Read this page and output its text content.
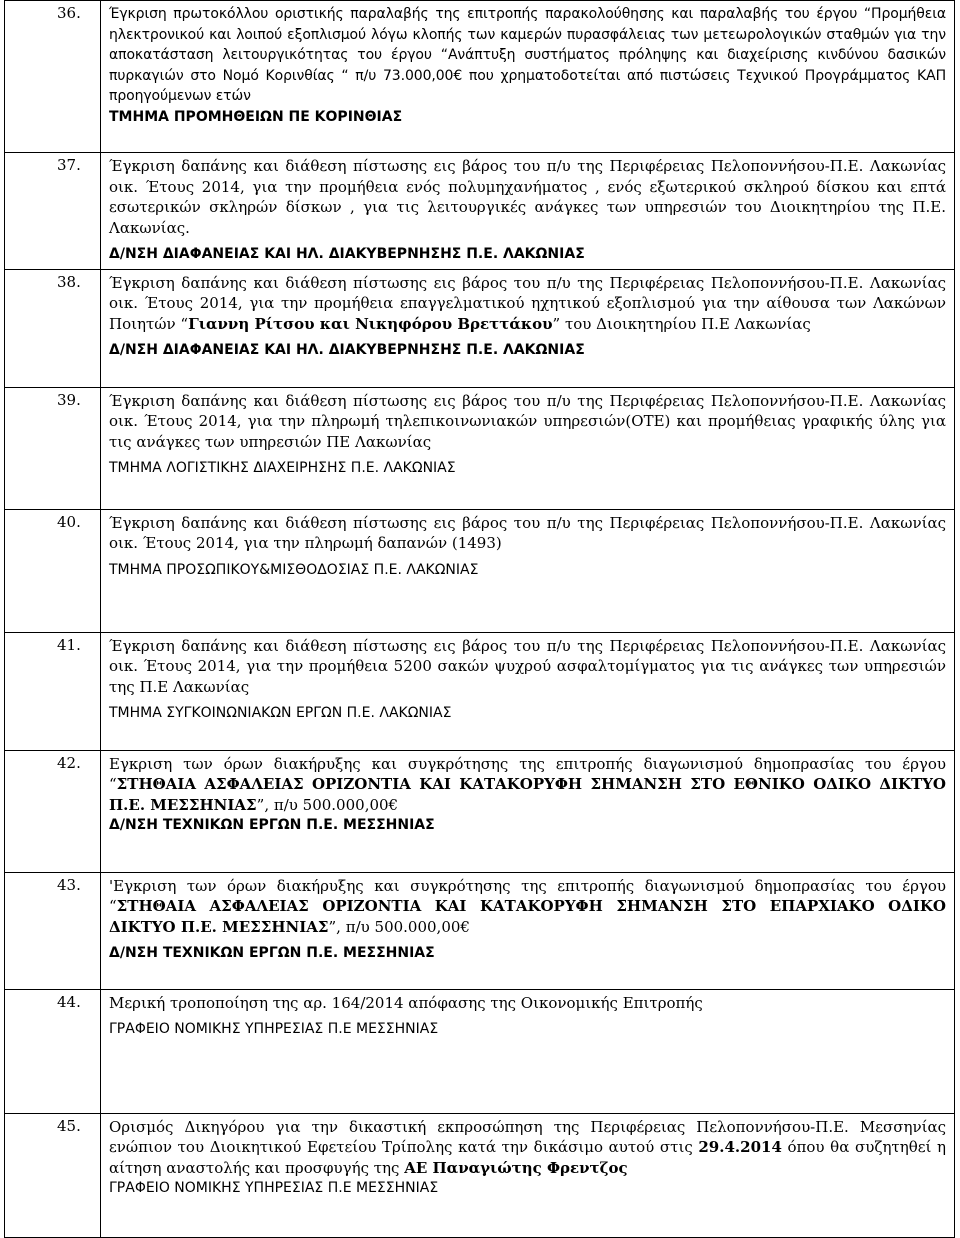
36.	Έγκριση πρωτοκόλλου οριστικής παραλαβής της επιτροπής παρακολούθησης και παραλαβής του έργου “Προμήθεια ηλεκτρονικού και λοιπού εξοπλισμού λόγω κλοπής των καμερών πυρασφάλειας των μετεωρολογικών σταθμών για την αποκατάσταση λειτουργικότητας του έργου “Ανάπτυξη συστήματος πρόληψης και διαχείρισης κινδύνου δασικών πυρκαγιών στο Νομό Κορινθίας “ π/υ 73.000,00€ που χρηματοδοτείται από πιστώσεις Τεχνικού Προγράμματος ΚΑΠ προηγούμενων ετών
ΤΜΗΜΑ ΠΡΟΜΗΘΕΙΩΝ ΠΕ ΚΟΡΙΝΘΙΑΣ

37.	Έγκριση δαπάνης και διάθεση πίστωσης εις βάρος του π/υ της Περιφέρειας Πελοποννήσου-Π.Ε. Λακωνίας οικ. Έτους 2014, για την προμήθεια ενός πολυμηχανήματος , ενός εξωτερικού σκληρού δίσκου και επτά εσωτερικών σκληρών δίσκων , για τις λειτουργικές ανάγκες των υπηρεσιών του Διοικητηρίου της Π.Ε. Λακωνίας.
Δ/ΝΣΗ ΔΙΑΦΑΝΕΙΑΣ ΚΑΙ ΗΛ. ΔΙΑΚΥΒΕΡΝΗΣΗΣ Π.Ε. ΛΑΚΩΝΙΑΣ

38.	Έγκριση δαπάνης και διάθεση πίστωσης εις βάρος του π/υ της Περιφέρειας Πελοποννήσου-Π.Ε. Λακωνίας οικ. Έτους 2014, για την προμήθεια επαγγελματικού ηχητικού εξοπλισμού για την αίθουσα των Λακώνων Ποιητών “Γιαννη Ρίτσου και Νικηφόρου Βρεττάκου” του Διοικητηρίου Π.Ε Λακωνίας
Δ/ΝΣΗ ΔΙΑΦΑΝΕΙΑΣ ΚΑΙ ΗΛ. ΔΙΑΚΥΒΕΡΝΗΣΗΣ Π.Ε. ΛΑΚΩΝΙΑΣ

39.	Έγκριση δαπάνης και διάθεση πίστωσης εις βάρος του π/υ της Περιφέρειας Πελοποννήσου-Π.Ε. Λακωνίας οικ. Έτους 2014, για την πληρωμή τηλεπικοινωνιακών υπηρεσιών(ΟΤΕ) και προμήθειας γραφικής ύλης για τις ανάγκες των υπηρεσιών ΠΕ Λακωνίας
ΤΜΗΜΑ ΛΟΓΙΣΤΙΚΗΣ ΔΙΑΧΕΙΡΗΣΗΣ Π.Ε. ΛΑΚΩΝΙΑΣ

40.	Έγκριση δαπάνης και διάθεση πίστωσης εις βάρος του π/υ της Περιφέρειας Πελοποννήσου-Π.Ε. Λακωνίας οικ. Έτους 2014, για την πληρωμή δαπανών (1493)
ΤΜΗΜΑ ΠΡΟΣΩΠΙΚΟΥ&ΜΙΣΘΟΔΟΣΙΑΣ Π.Ε. ΛΑΚΩΝΙΑΣ

41.	Έγκριση δαπάνης και διάθεση πίστωσης εις βάρος του π/υ της Περιφέρειας Πελοποννήσου-Π.Ε. Λακωνίας οικ. Έτους 2014, για την προμήθεια 5200 σακών ψυχρού ασφαλτομίγματος για τις ανάγκες των υπηρεσιών της Π.Ε Λακωνίας
ΤΜΗΜΑ ΣΥΓΚΟΙΝΩΝΙΑΚΩΝ ΕΡΓΩΝ Π.Ε. ΛΑΚΩΝΙΑΣ

42.	Εγκριση των όρων διακήρυξης και συγκρότησης της επιτροπής διαγωνισμού δημοπρασίας του έργου “ΣΤΗΘΑΙΑ ΑΣΦΑΛΕΙΑΣ ΟΡΙΖΟΝΤΙΑ ΚΑΙ ΚΑΤΑΚΟΡΥΦΗ ΣΗΜΑΝΣΗ ΣΤΟ ΕΘΝΙΚΟ ΟΔΙΚΟ ΔΙΚΤΥΟ Π.Ε. ΜΕΣΣΗΝΙΑΣ”, π/υ 500.000,00€
Δ/ΝΣΗ ΤΕΧΝΙΚΩΝ ΕΡΓΩΝ Π.Ε. ΜΕΣΣΗΝΙΑΣ

43.	'Εγκριση των όρων διακήρυξης και συγκρότησης της επιτροπής διαγωνισμού δημοπρασίας του έργου “ΣΤΗΘΑΙΑ ΑΣΦΑΛΕΙΑΣ ΟΡΙΖΟΝΤΙΑ ΚΑΙ ΚΑΤΑΚΟΡΥΦΗ ΣΗΜΑΝΣΗ ΣΤΟ ΕΠΑΡΧΙΑΚΟ ΟΔΙΚΟ ΔΙΚΤΥΟ Π.Ε. ΜΕΣΣΗΝΙΑΣ”, π/υ 500.000,00€
Δ/ΝΣΗ ΤΕΧΝΙΚΩΝ ΕΡΓΩΝ Π.Ε. ΜΕΣΣΗΝΙΑΣ

44.	Μερική τροποποίηση της αρ. 164/2014 απόφασης της Οικονομικής Επιτροπής
ΓΡΑΦΕΙΟ ΝΟΜΙΚΗΣ ΥΠΗΡΕΣΙΑΣ Π.Ε ΜΕΣΣΗΝΙΑΣ

45.	Ορισμός Δικηγόρου για την δικαστική εκπροσώπηση της Περιφέρειας Πελοποννήσου-Π.Ε. Μεσσηνίας ενώπιον του Διοικητικού Εφετείου Τρίπολης κατά την δικάσιμο αυτού στις 29.4.2014 όπου θα συζητηθεί η αίτηση αναστολής και προσφυγής της ΑΕ Παναγιώτης Φρεντζος
ΓΡΑΦΕΙΟ ΝΟΜΙΚΗΣ ΥΠΗΡΕΣΙΑΣ Π.Ε ΜΕΣΣΗΝΙΑΣ
